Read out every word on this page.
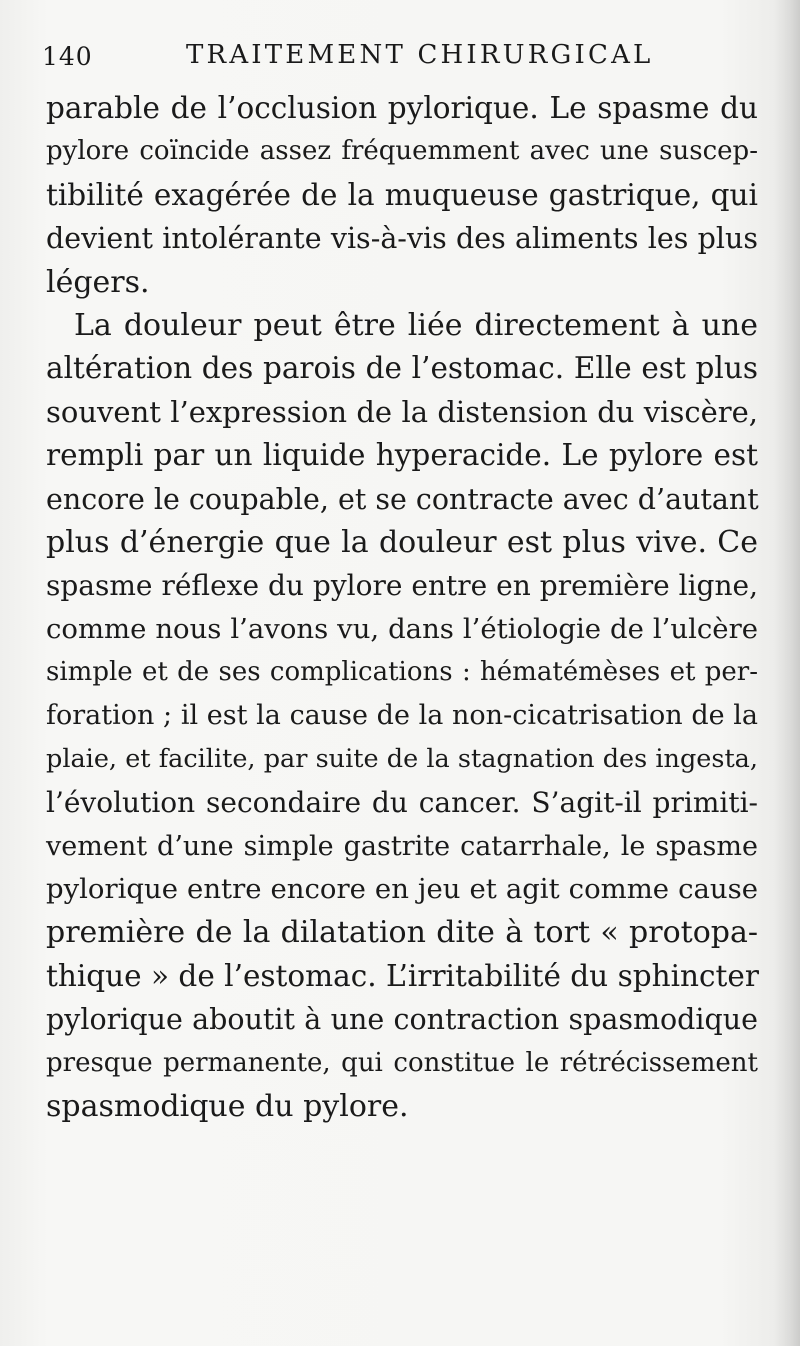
140	TRAITEMENT CHIRURGICAL
parable de l’occlusion pylorique. Le spasme du
pylore coïncide assez fréquemment avec une suscep-
tibilité exagérée de la muqueuse gastrique, qui
devient intolérante vis-à-vis des aliments les plus
légers.
La douleur peut être liée directement à une
altération des parois de l’estomac. Elle est plus
souvent l’expression de la distension du viscère,
rempli par un liquide hyperacide. Le pylore est
encore le coupable, et se contracte avec d’autant
plus d’énergie que la douleur est plus vive. Ce
spasme réflexe du pylore entre en première ligne,
comme nous l’avons vu, dans l’étiologie de l’ulcère
simple et de ses complications : hématémèses et per-
foration ; il est la cause de la non-cicatrisation de la
plaie, et facilite, par suite de la stagnation des ingesta,
l’évolution secondaire du cancer. S’agit-il primiti-
vement d’une simple gastrite catarrhale, le spasme
pylorique entre encore en jeu et agit comme cause
première de la dilatation dite à tort « protopa-
thique » de l’estomac. L’irritabilité du sphincter
pylorique aboutit à une contraction spasmodique
presque permanente, qui constitue le rétrécissement
spasmodique du pylore.
